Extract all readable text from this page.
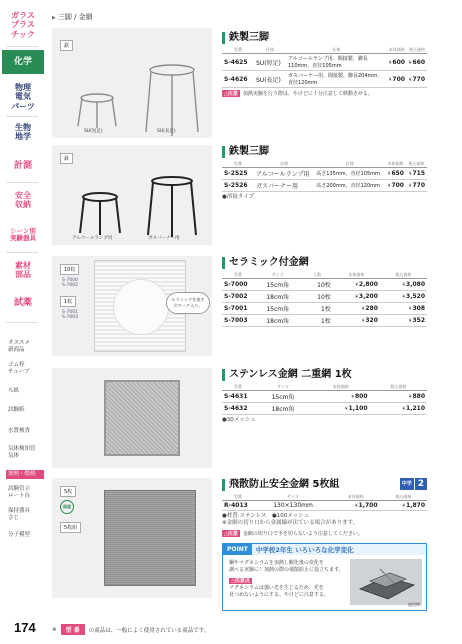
ガラス
プラス
チック
化学
物理
電気
パーツ
生物
地学
計測
安全
収納
シーン別
実験器具
素材
部品
試薬
オススメ
新商品
ゴム栓
チューブ
ろ紙
試験紙
水質検査
気体検知管
気体
加熱・燃焼
試験管立
ロート台
保持器具
さじ
分子模型
174
▶ 三脚 / 金網
鉄
SU(短足)	SU(長足)
鉄
アルコールランプ用	ガスバーナー用
10枚
S-7000
S-7002
1枚
S-7001
S-7003
セラミックを表す
Ⓢマーク入り。
5枚
国産
5枚組
鉄製三脚
型番	仕様	仕様	本体価格	税込価格
S-4625	SU(短足)	アルコールランプ用、間接製、脚長110mm、直径105mm	¥600	¥660
S-4626	SU(長足)	ガスバーナー用、間接製、脚長204mm、直径120mm	¥700	¥770
△注意	加熱実験を行う際は、やけどに十分注意して移動させる。
鉄製三脚
型番	仕様	仕様	本体価格	税込価格
S-2525	アルコールランプ用	高さ135mm、直径105mm	¥650	¥715
S-2526	ガスバーナー用	高さ200mm、直径120mm	¥700	¥770
●溶接タイプ
セラミック付金網
型番	サイズ	入数	本体価格	税込価格
S-7000	15cm角	10枚	¥2,800	¥3,080
S-7002	18cm角	10枚	¥3,200	¥3,520
S-7001	15cm角	1枚	¥280	¥308
S-7003	18cm角	1枚	¥320	¥352
ステンレス金網 二重網 1枚
型番	サイズ	本体価格	税込価格
S-4631	15cm角	¥800	¥880
S-4632	18cm角	¥1,100	¥1,210
●30メッシュ
飛散防止安全金網 5枚組	中学 2
型番	サイズ	本体価格	税込価格
R-4013	130×130mm	¥1,700	¥1,870
●材質:ステンレス　●100メッシュ
※金網の切り口から金属線が出ている場合があります。
△注意	金網の切り口で手を切らないよう注意してください。
POINT	中学校2年生 いろいろな化学変化
鋼やマグネシウムを加熱し酸化後の変化を
調べる実験に！加熱の際の飛散防止に役立ちます。
△注意点
マグネシウムは強い光を生じるため、光を
見つめないようにする。やけどに注意する。
使用例
※	型 番	の商品は、一般によく使用されている商品です。
